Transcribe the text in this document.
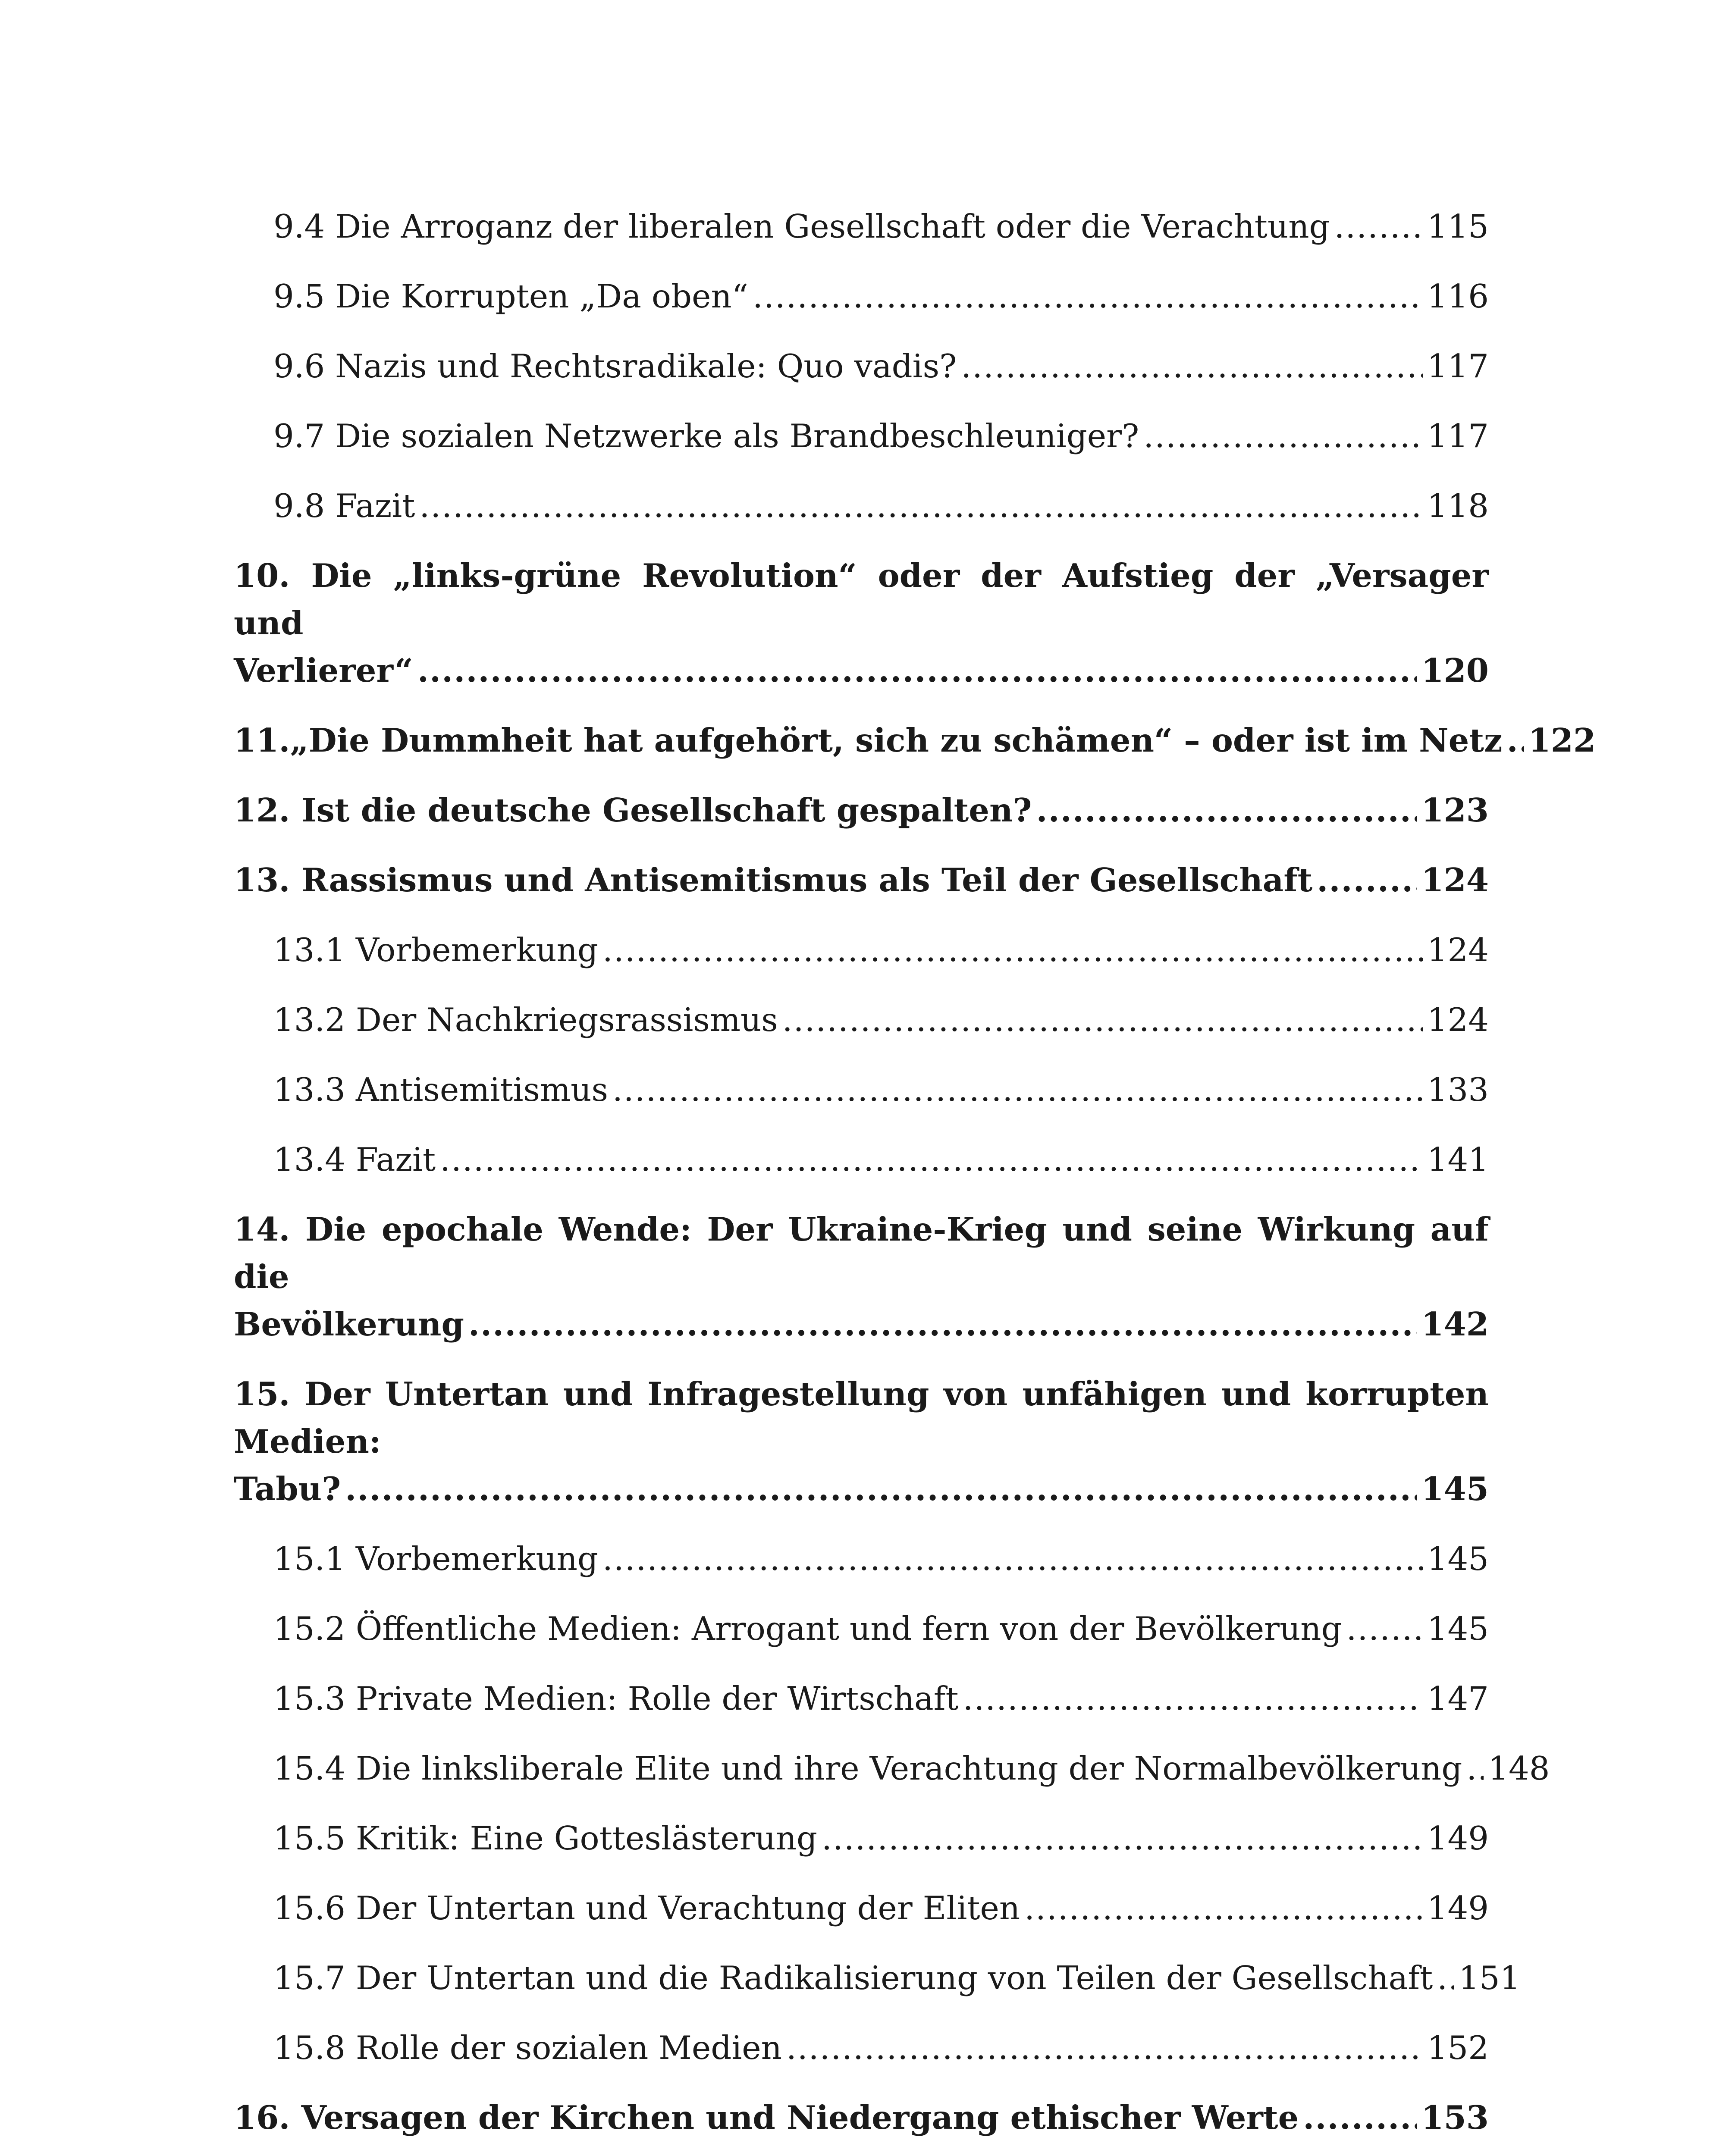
9.4 Die Arroganz der liberalen Gesellschaft oder die Verachtung .....	115
9.5 Die Korrupten „Da oben“ .....	116
9.6 Nazis und Rechtsradikale: Quo vadis? .....	117
9.7 Die sozialen Netzwerke als Brandbeschleuniger? .....	117
9.8 Fazit .....	118
10. Die „links-grüne Revolution“ oder der Aufstieg der „Versager und
Verlierer“ .....	120
11.„Die Dummheit hat aufgehört, sich zu schämen“ – oder ist im Netz ..... 122
12. Ist die deutsche Gesellschaft gespalten? .....	123
13. Rassismus und Antisemitismus als Teil der Gesellschaft .....	124
13.1 Vorbemerkung .....	124
13.2 Der Nachkriegsrassismus .....	124
13.3 Antisemitismus .....	133
13.4 Fazit .....	141
14. Die epochale Wende: Der Ukraine-Krieg und seine Wirkung auf die
Bevölkerung .....	142
15. Der Untertan und Infragestellung von unfähigen und korrupten Medien:
Tabu? .....	145
15.1 Vorbemerkung .....	145
15.2 Öffentliche Medien: Arrogant und fern von der Bevölkerung .....	145
15.3 Private Medien: Rolle der Wirtschaft .....	147
15.4 Die linksliberale Elite und ihre Verachtung der Normalbevölkerung ..... 148
15.5 Kritik: Eine Gotteslästerung .....	149
15.6 Der Untertan und Verachtung der Eliten .....	149
15.7 Der Untertan und die Radikalisierung von Teilen der Gesellschaft ..... 151
15.8 Rolle der sozialen Medien .....	152
16. Versagen der Kirchen und Niedergang ethischer Werte .....	153
